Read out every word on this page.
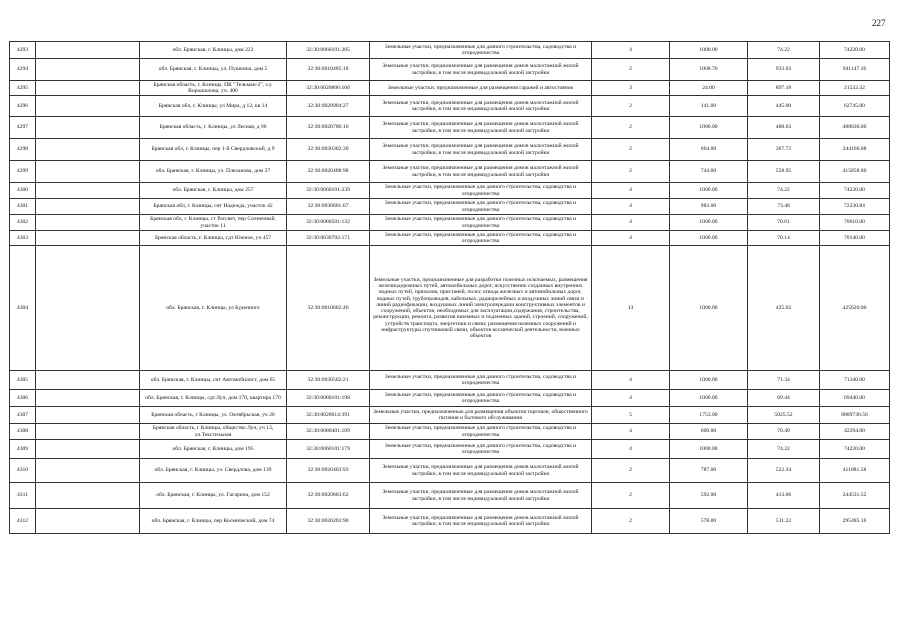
227
4293		обл. Брянская, г. Клинцы, дом 222	32:30:0060101:205	Земельные участки, предназначенные для дачного строительства, садоводства и огородничества	4	1000.00	74.22	74220.00
4294		обл. Брянская, г. Клинцы, ул. Пушкина, дом 5	32:30:0010405:18	Земельные участки, предназначенные для размещения домов малоэтажной жилой застройки, в том числе индивидуальной жилой застройки	2	1008.70	933.03	941147.36
4295		Брянская область, г. Клинцы, ПК "Тельман-2", з.у. Ворошилова, уч. 400	32:30:0020806:166	Земельные участки, предназначенные для размещения гаражей и автостоянок	3	24.00	897.18	21532.32
4296		Брянская обл, г. Клинцы, ул Мира, д 12, кв 14	32:30:0020904:27	Земельные участки, предназначенные для размещения домов малоэтажной жилой застройки, в том числе индивидуальной жилой застройки	2	141.00	445.00	62745.00
4297		Брянская область, г. Клинцы, ул Лесная, д 96	32:30:0020706:16	Земельные участки, предназначенные для размещения домов малоэтажной жилой застройки, в том числе индивидуальной жилой застройки	2	1000.00	488.63	488630.00
4298		Брянская обл, г. Клинцы, пер 1-й Свердловский, д 9	32:30:0030302:30	Земельные участки, предназначенные для размещения домов малоэтажной жилой застройки, в том числе индивидуальной жилой застройки	2	664.00	367.72	244166.08
4299		обл. Брянская, г. Клинцы, ул. Плеханова, дом 27	32:30:0020408:98	Земельные участки, предназначенные для размещения домов малоэтажной жилой застройки, в том числе индивидуальной жилой застройки	2	744.00	558.95	415858.80
4300		обл. Брянская, г. Клинцы, дом 257	32:30:0060101:239	Земельные участки, предназначенные для дачного строительства, садоводства и огородничества	4	1000.00	74.22	74220.00
4301		Брянская обл, г. Клинцы, снт Надежда, участок 42	32:30:0030601:67	Земельные участки, предназначенные для дачного строительства, садоводства и огородничества	4	983.00	73.48	72230.84
4302		Брянская обл, г. Клинцы, ст Рассвет, пер Солнечный, участок 11	32:30:0080501:132	Земельные участки, предназначенные для дачного строительства, садоводства и огородничества	4	1000.00	70.61	70610.00
4303		Брянская область, г. Клинцы, сдт Южное, уч 457	32:30:0030702:171	Земельные участки, предназначенные для дачного строительства, садоводства и огородничества	4	1000.00	70.14	70140.00
4304		обл. Брянская, г. Клинцы, ул Буденного	32:30:0010602:46	Земельные участки, предназначенные для разработки полезных ископаемых, размещения железнодорожных путей, автомобильных дорог, искусственно созданных внутренних водных путей, причалов, пристаней, полос отвода железных и автомобильных дорог, водных путей, трубопроводов, кабельных, радиорелейных и воздушных линий связи и линий радиофикации, воздушных линий электропередачи конструктивных элементов и сооружений, объектов, необходимых для эксплуатации,содержания, строительства, реконструкции, ремонта, развития наземных и подземных зданий, строений, сооружений, устройств транспорта, энергетики и связи; размещения наземных сооружений и инфраструктуры спутниковой связи, объектов космической деятельности, военных объектов	13	1000.00	425.62	425620.00
4305		обл. Брянская, г. Клинцы, снт Автомобилист, дом 65	32:30:0030502:21	Земельные участки, предназначенные для дачного строительства, садоводства и огородничества	4	1000.00	71.34	71340.00
4306		обл. Брянская, г. Клинцы, сдт.Луч, дом 170, квартира 170	32:30:0080101:198	Земельные участки, предназначенные для дачного строительства, садоводства и огородничества	4	1000.00	69.44	69440.00
4307		Брянская область, г Клинцы, ул. Октябрьская, уч 20	32:30:0020614:391	Земельные участки, предназначенные для размещения объектов торговли, общественного питания и бытового обслуживания	5	1753.00	5025.52	8809736.56
4308		Брянская область, г Клинцы, общество Луч, уч 13, ул.Текстильная	32:30:0080401:109	Земельные участки, предназначенные для дачного строительства, садоводства и огородничества	4	600.00	70.49	42294.00
4309		обл. Брянская, г. Клинцы, дом 195	32:30:0060101:179	Земельные участки, предназначенные для дачного строительства, садоводства и огородничества	4	1000.00	74.22	74220.00
4310		обл. Брянская, г. Клинцы, ул. Свердлова, дом 139	32:30:0020403:93	Земельные участки, предназначенные для размещения домов малоэтажной жилой застройки, в том числе индивидуальной жилой застройки	2	787.00	522.34	411081.58
4311		обл. Брянская, г. Клинцы, ул. Гагарина, дом 152	32:30:0020803:62	Земельные участки, предназначенные для размещения домов малоэтажной жилой застройки, в том числе индивидуальной жилой застройки	2	592.00	413.06	244531.52
4312		обл. Брянская, г. Клинцы, пер Космический, дом 74	32:30:0020203:90	Земельные участки, предназначенные для размещения домов малоэтажной жилой застройки, в том числе индивидуальной жилой застройки	2	578.00	511.22	295485.16
